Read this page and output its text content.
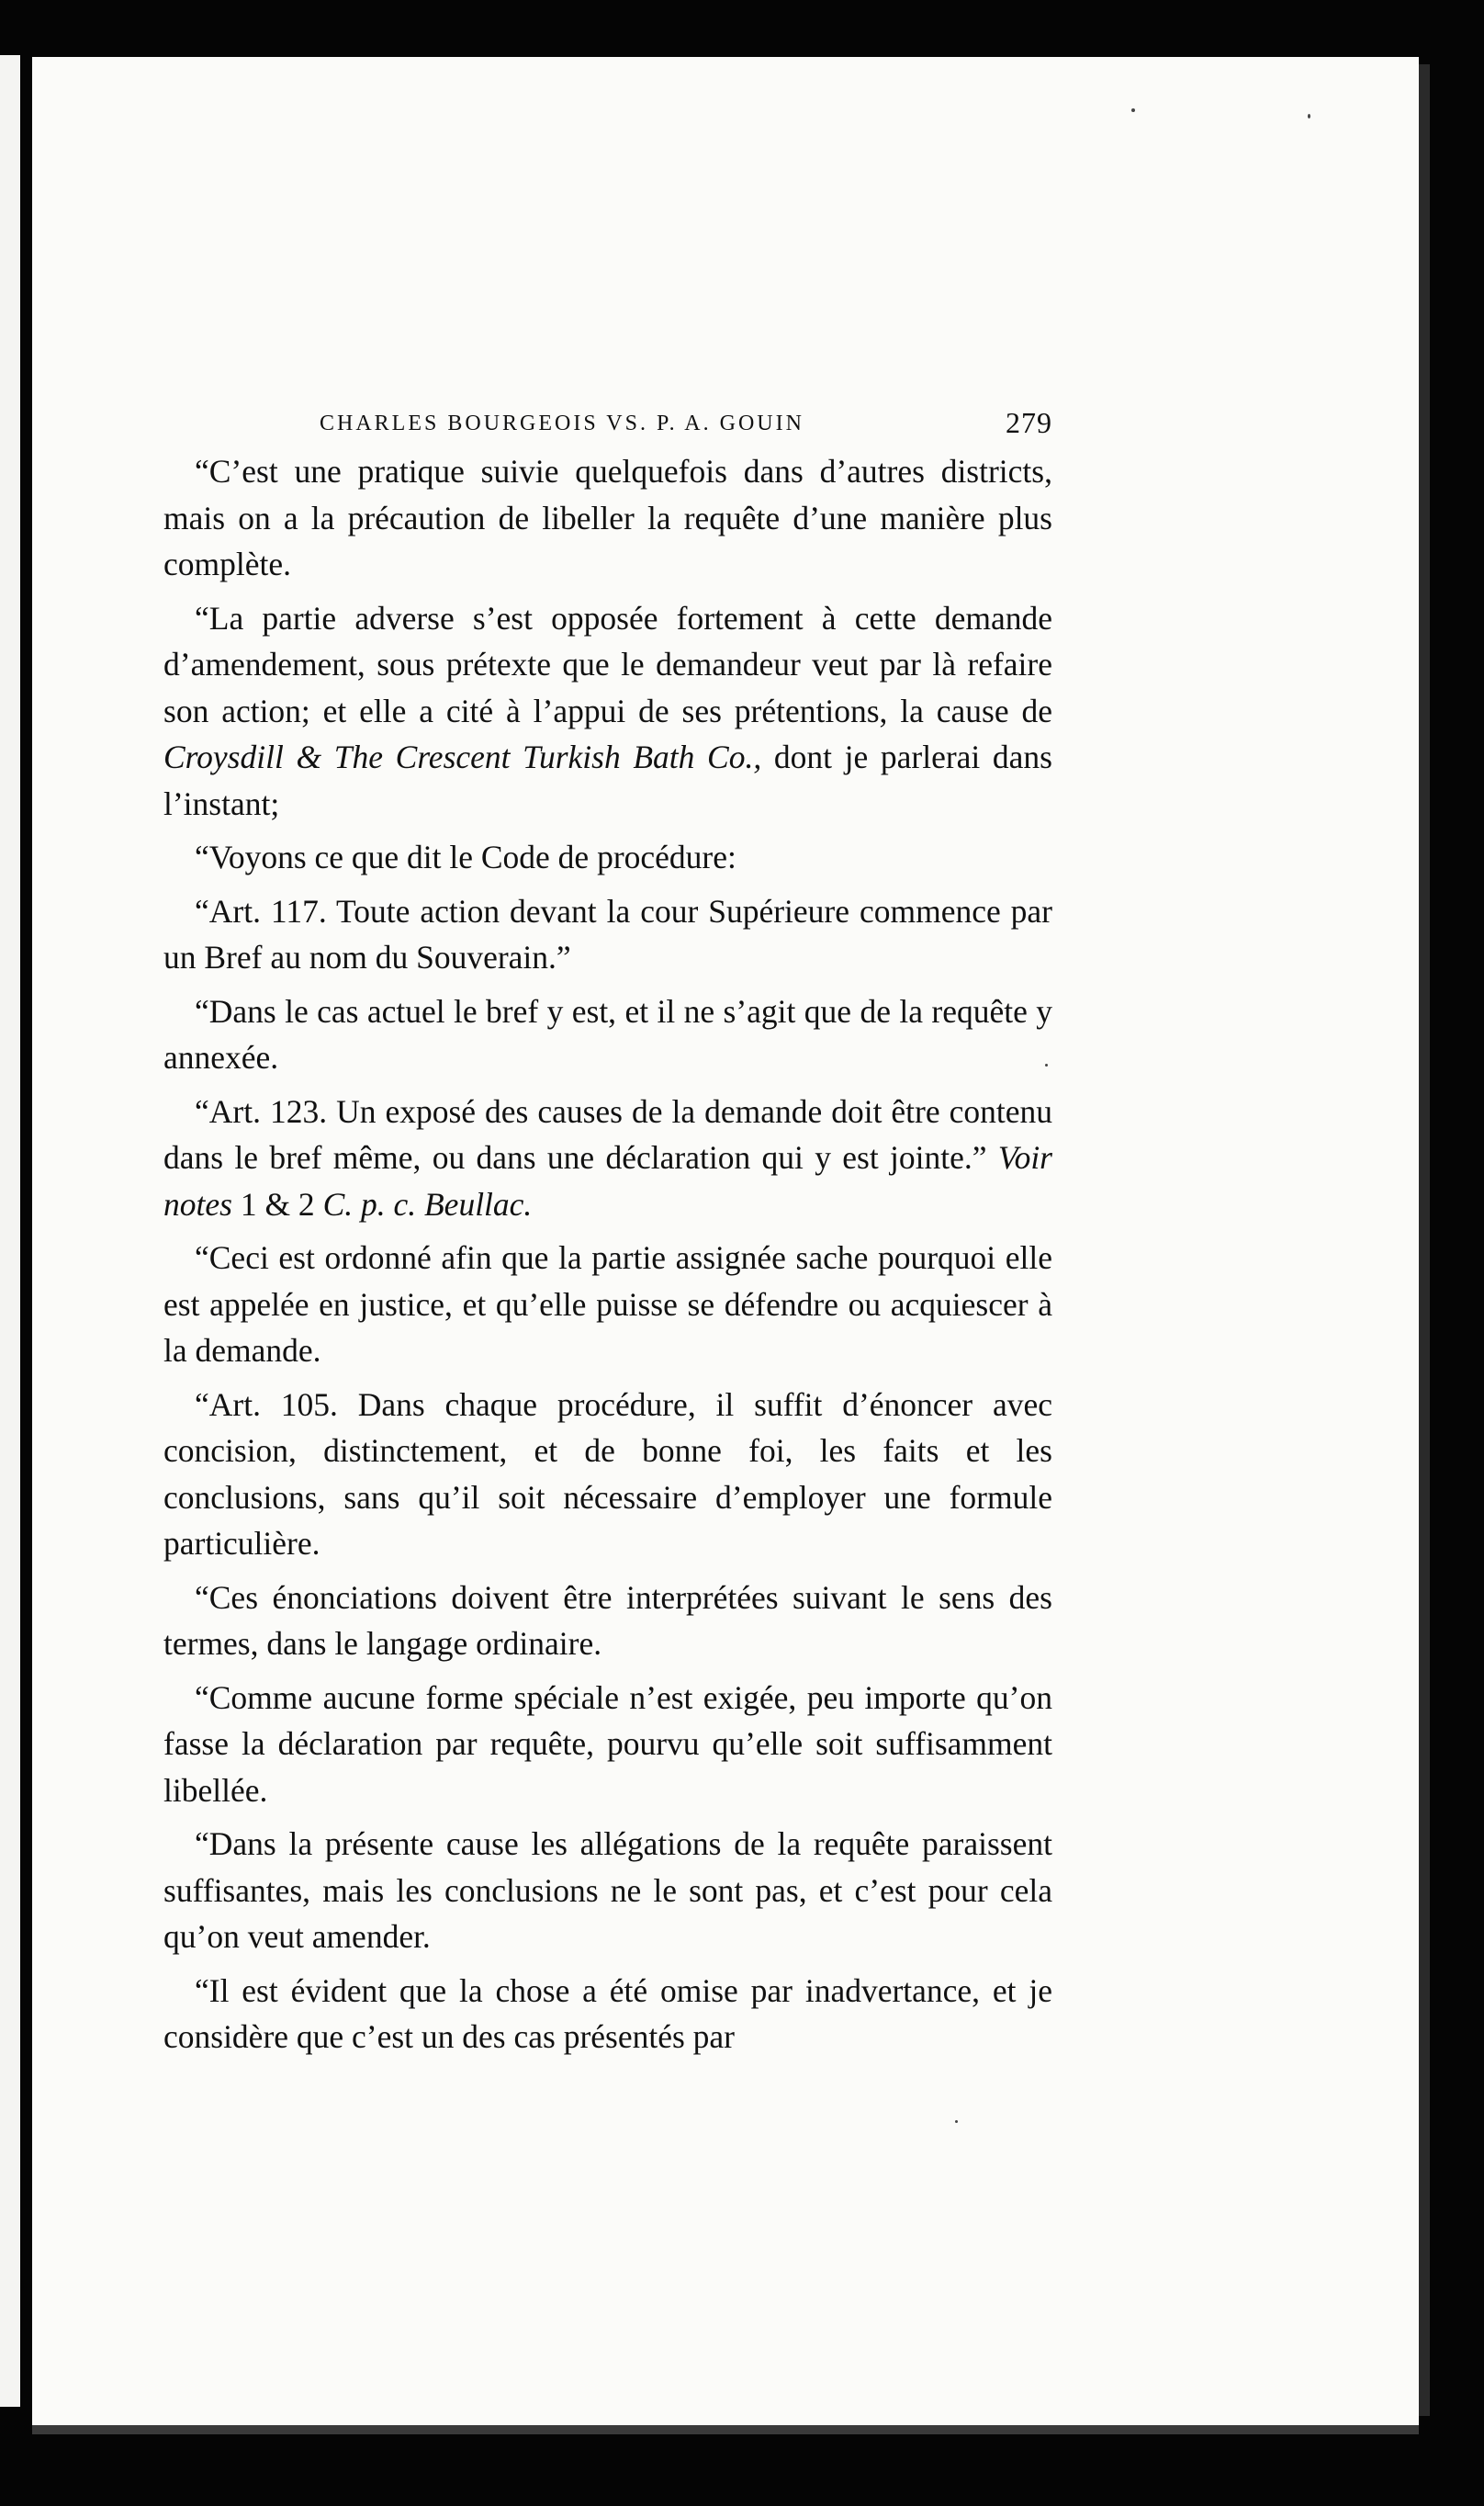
CHARLES BOURGEOIS VS. P. A. GOUIN	279

“C’est une pratique suivie quelquefois dans d’autres districts, mais on a la précaution de libeller la requête d’une manière plus complète.

“La partie adverse s’est opposée fortement à cette demande d’amendement, sous prétexte que le demandeur veut par là refaire son action; et elle a cité à l’appui de ses prétentions, la cause de Croysdill & The Crescent Turkish Bath Co., dont je parlerai dans l’instant;

“Voyons ce que dit le Code de procédure:

“Art. 117. Toute action devant la cour Supérieure commence par un Bref au nom du Souverain.”

“Dans le cas actuel le bref y est, et il ne s’agit que de la requête y annexée.

“Art. 123. Un exposé des causes de la demande doit être contenu dans le bref même, ou dans une déclaration qui y est jointe.” Voir notes 1 & 2 C. p. c. Beullac.

“Ceci est ordonné afin que la partie assignée sache pourquoi elle est appelée en justice, et qu’elle puisse se défendre ou acquiescer à la demande.

“Art. 105. Dans chaque procédure, il suffit d’énoncer avec concision, distinctement, et de bonne foi, les faits et les conclusions, sans qu’il soit nécessaire d’employer une formule particulière.

“Ces énonciations doivent être interprétées suivant le sens des termes, dans le langage ordinaire.

“Comme aucune forme spéciale n’est exigée, peu importe qu’on fasse la déclaration par requête, pourvu qu’elle soit suffisamment libellée.

“Dans la présente cause les allégations de la requête paraissent suffisantes, mais les conclusions ne le sont pas, et c’est pour cela qu’on veut amender.

“Il est évident que la chose a été omise par inadvertance, et je considère que c’est un des cas présentés par
